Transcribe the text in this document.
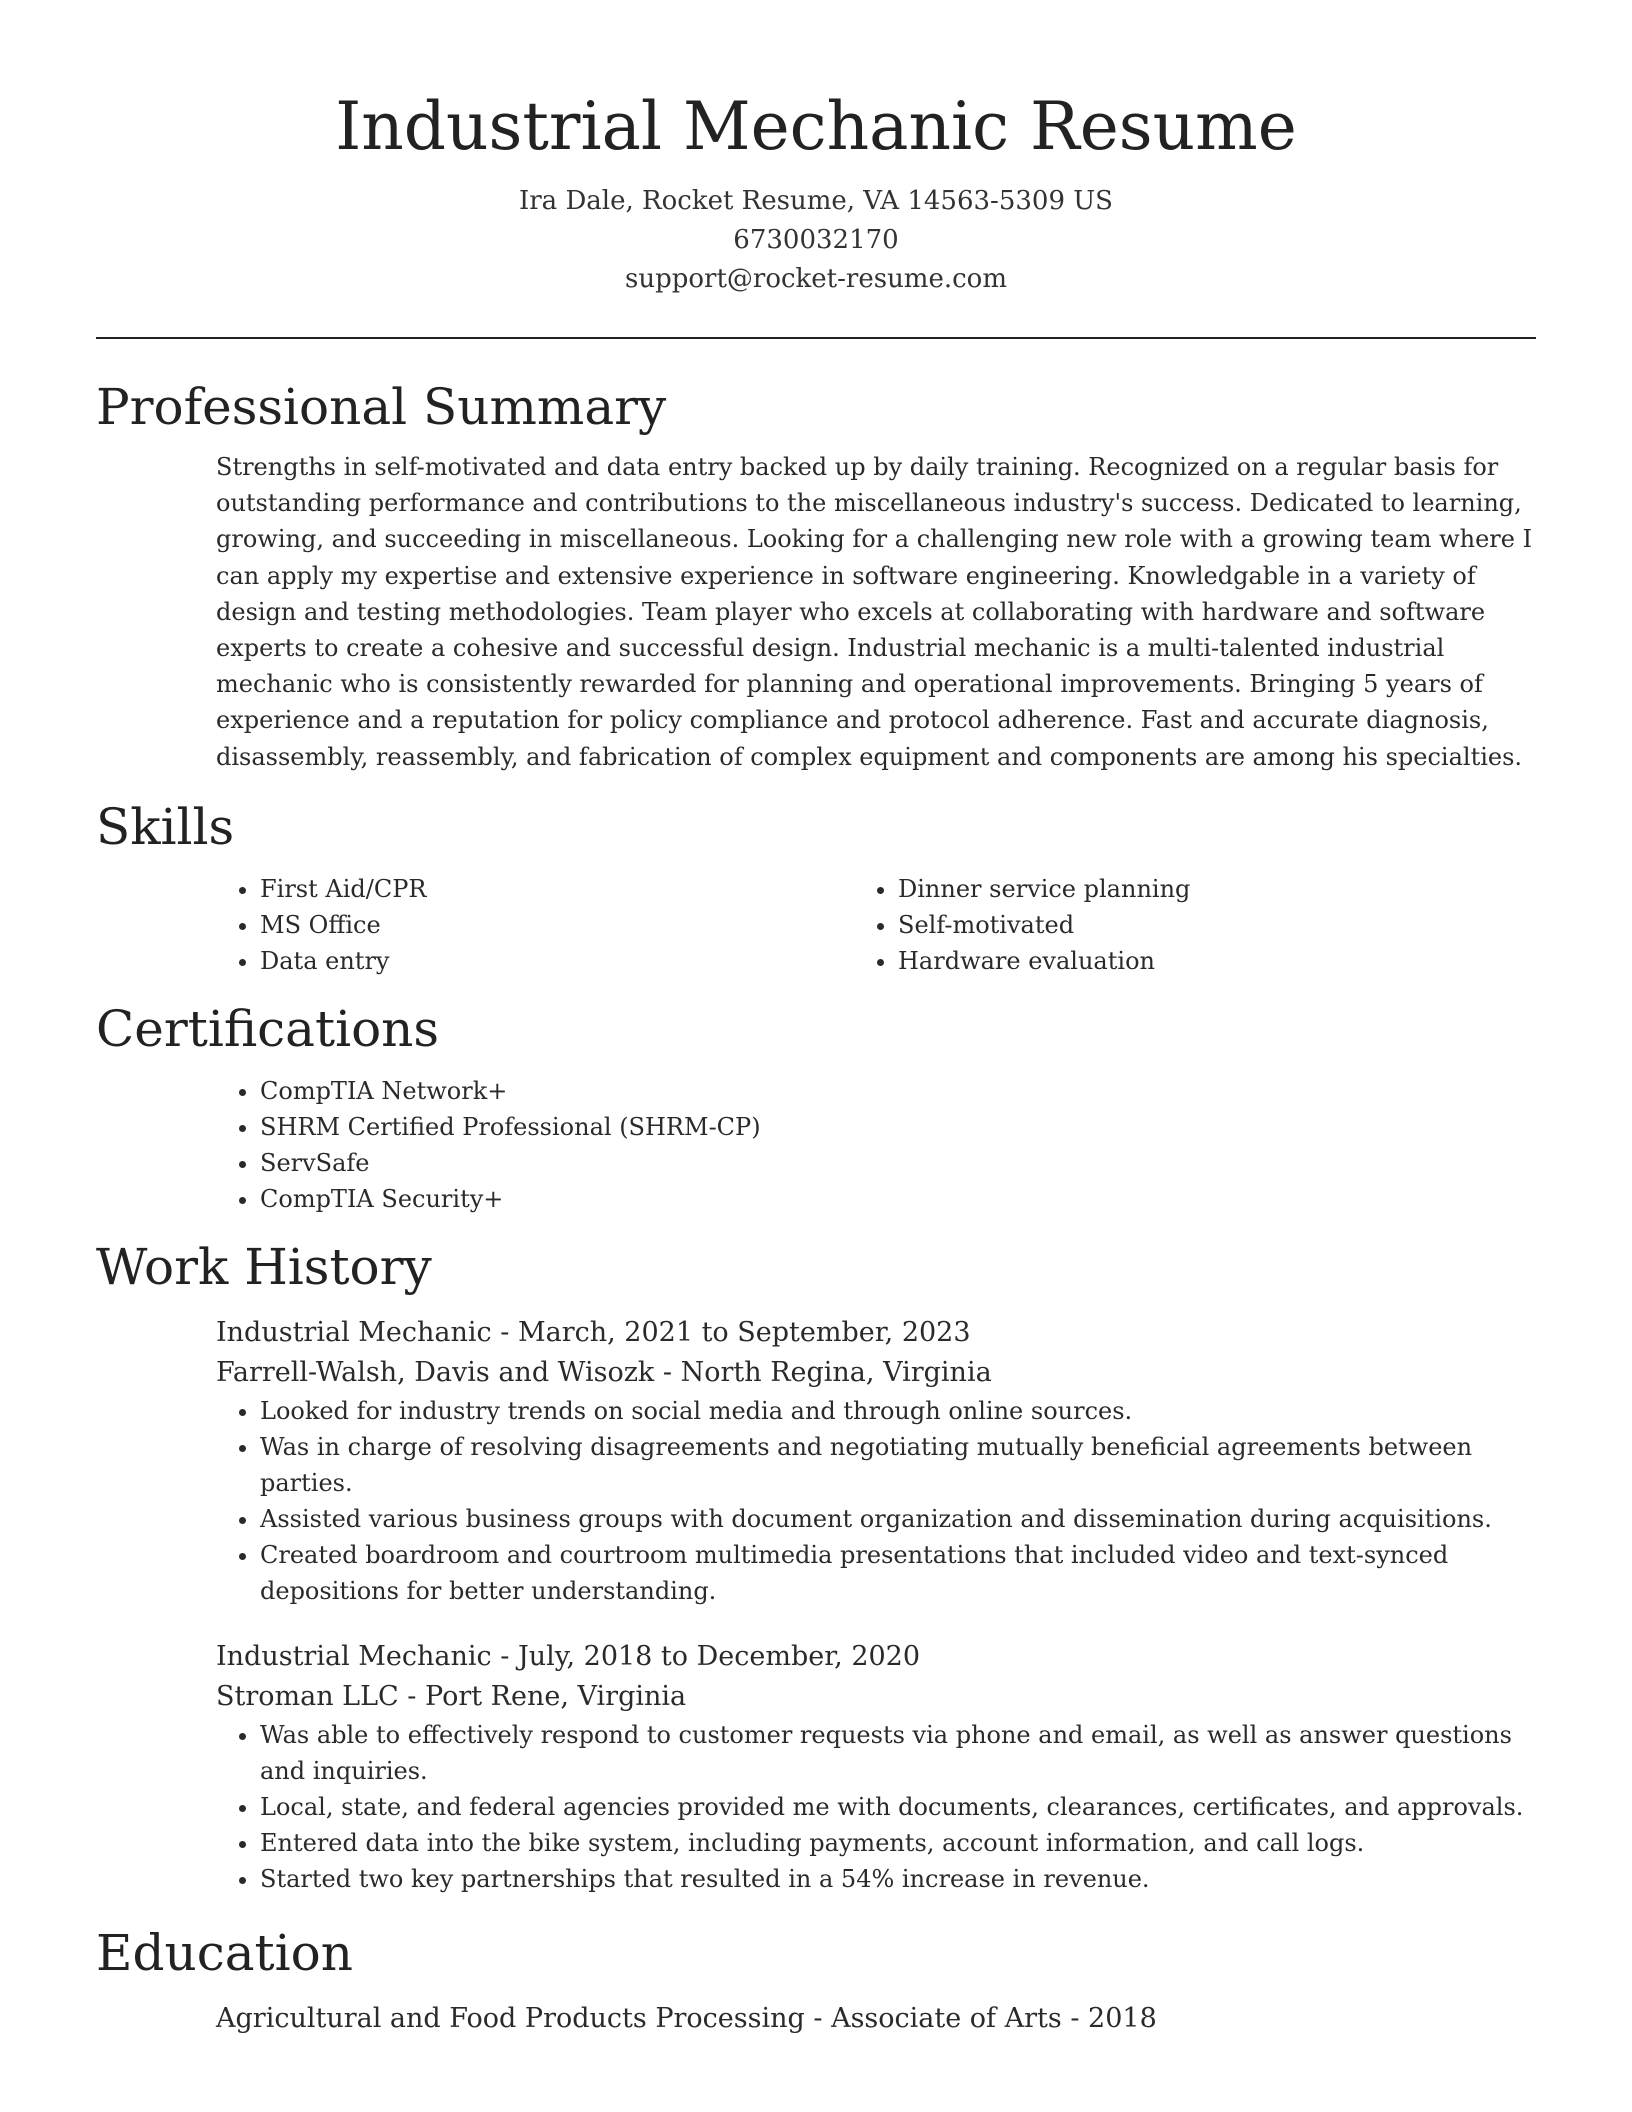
Industrial Mechanic Resume

Ira Dale, Rocket Resume, VA 14563-5309 US

6730032170

support@rocket-resume.com

Professional Summary

Strengths in self-motivated and data entry backed up by daily training. Recognized on a regular basis for outstanding performance and contributions to the miscellaneous industry's success. Dedicated to learning, growing, and succeeding in miscellaneous. Looking for a challenging new role with a growing team where I can apply my expertise and extensive experience in software engineering. Knowledgable in a variety of design and testing methodologies. Team player who excels at collaborating with hardware and software experts to create a cohesive and successful design. Industrial mechanic is a multi-talented industrial mechanic who is consistently rewarded for planning and operational improvements. Bringing 5 years of experience and a reputation for policy compliance and protocol adherence. Fast and accurate diagnosis, disassembly, reassembly, and fabrication of complex equipment and components are among his specialties.

Skills
• First Aid/CPR
• MS Office
• Data entry
• Dinner service planning
• Self-motivated
• Hardware evaluation
Certifications
• CompTIA Network+
• SHRM Certified Professional (SHRM-CP)
• ServSafe
• CompTIA Security+
Work History

Industrial Mechanic - March, 2021 to September, 2023

Farrell-Walsh, Davis and Wisozk - North Regina, Virginia

• Looked for industry trends on social media and through online sources.
• Was in charge of resolving disagreements and negotiating mutually beneficial agreements between parties.
• Assisted various business groups with document organization and dissemination during acquisitions.
• Created boardroom and courtroom multimedia presentations that included video and text-synced depositions for better understanding.

Industrial Mechanic - July, 2018 to December, 2020

Stroman LLC - Port Rene, Virginia

• Was able to effectively respond to customer requests via phone and email, as well as answer questions and inquiries.
• Local, state, and federal agencies provided me with documents, clearances, certificates, and approvals.
• Entered data into the bike system, including payments, account information, and call logs.
• Started two key partnerships that resulted in a 54% increase in revenue.
Education

Agricultural and Food Products Processing - Associate of Arts - 2018
